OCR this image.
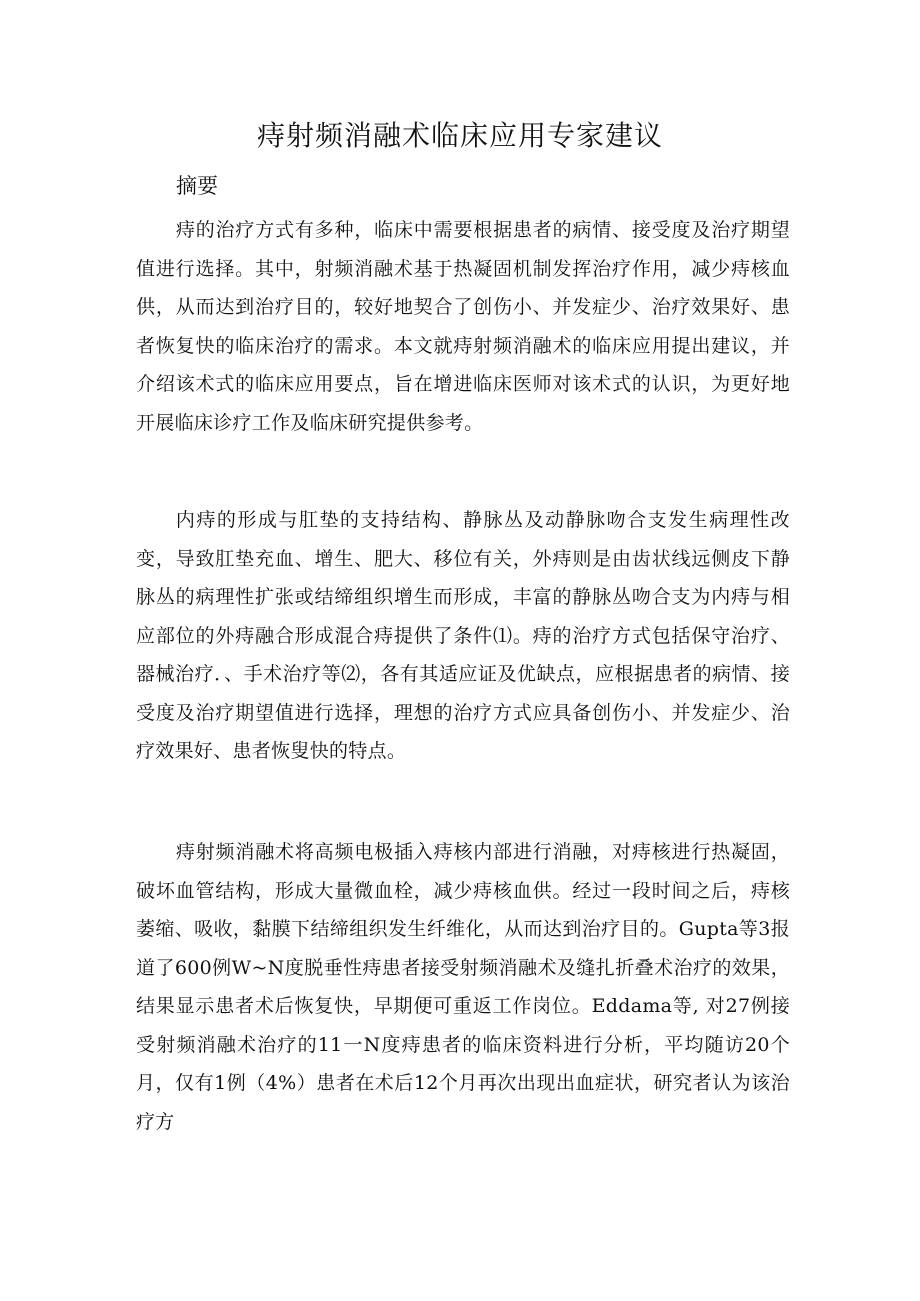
痔射频消融术临床应用专家建议
摘要

痔的治疗方式有多种，临床中需要根据患者的病情、接受度及治疗期望值进行选择。其中，射频消融术基于热凝固机制发挥治疗作用，减少痔核血供，从而达到治疗目的，较好地契合了创伤小、并发症少、治疗效果好、患者恢复快的临床治疗的需求。本文就痔射频消融术的临床应用提出建议，并介绍该术式的临床应用要点，旨在增进临床医师对该术式的认识，为更好地开展临床诊疗工作及临床研究提供参考。

内痔的形成与肛垫的支持结构、静脉丛及动静脉吻合支发生病理性改变，导致肛垫充血、增生、肥大、移位有关，外痔则是由齿状线远侧皮下静脉丛的病理性扩张或结缔组织增生而形成，丰富的静脉丛吻合支为内痔与相应部位的外痔融合形成混合痔提供了条件⑴。痔的治疗方式包括保守治疗、器械治疗．、手术治疗等⑵，各有其适应证及优缺点，应根据患者的病情、接受度及治疗期望值进行选择，理想的治疗方式应具备创伤小、并发症少、治疗效果好、患者恢叟快的特点。

痔射频消融术将高频电极插入痔核内部进行消融，对痔核进行热凝固，破坏血管结构，形成大量微血栓，减少痔核血供。经过一段时间之后，痔核萎缩、吸收，黏膜下结缔组织发生纤维化，从而达到治疗目的。Gupta等3报道了600例W~N度脱垂性痔患者接受射频消融术及缝扎折叠术治疗的效果，结果显示患者术后恢复快，早期便可重返工作岗位。Eddama等, 对27例接受射频消融术治疗的11一N度痔患者的临床资料进行分析，平均随访20个月，仅有1例（4%）患者在术后12个月再次出现出血症状，研究者认为该治疗方
